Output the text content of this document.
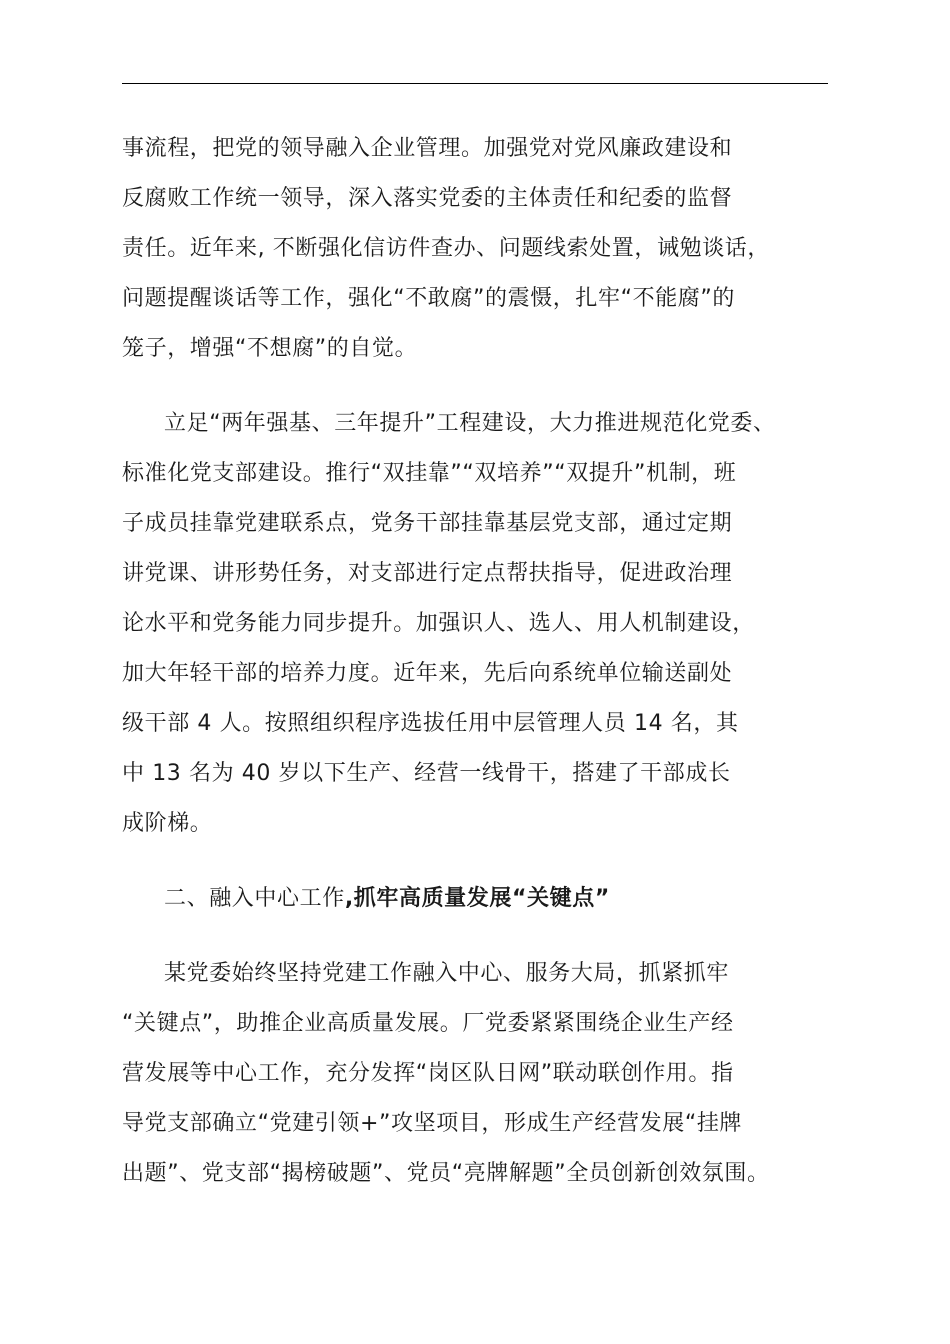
事流程，把党的领导融入企业管理。加强党对党风廉政建设和
反腐败工作统一领导，深入落实党委的主体责任和纪委的监督
责任。近年来, 不断强化信访件查办、问题线索处置，诫勉谈话，
问题提醒谈话等工作，强化“不敢腐”的震慑，扎牢“不能腐”的
笼子，增强“不想腐”的自觉。

立足“两年强基、三年提升”工程建设，大力推进规范化党委、
标准化党支部建设。推行“双挂靠”“双培养”“双提升”机制，班
子成员挂靠党建联系点，党务干部挂靠基层党支部，通过定期
讲党课、讲形势任务，对支部进行定点帮扶指导，促进政治理
论水平和党务能力同步提升。加强识人、选人、用人机制建设，
加大年轻干部的培养力度。近年来，先后向系统单位输送副处
级干部 4 人。按照组织程序选拔任用中层管理人员 14 名，其
中 13 名为 40 岁以下生产、经营一线骨干，搭建了干部成长
成阶梯。

二、融入中心工作,抓牢高质量发展“关键点”

某党委始终坚持党建工作融入中心、服务大局，抓紧抓牢
“关键点”，助推企业高质量发展。厂党委紧紧围绕企业生产经
营发展等中心工作，充分发挥“岗区队日网”联动联创作用。指
导党支部确立“党建引领+”攻坚项目，形成生产经营发展“挂牌
出题”、党支部“揭榜破题”、党员“亮牌解题”全员创新创效氛围。
